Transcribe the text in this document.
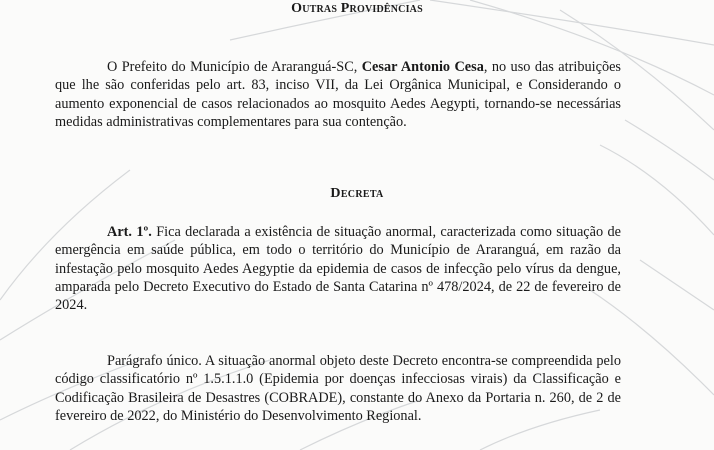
Outras Providências

O Prefeito do Município de Araranguá-SC, Cesar Antonio Cesa, no uso das atribuições que lhe são conferidas pelo art. 83, inciso VII, da Lei Orgânica Municipal, e Considerando o aumento exponencial de casos relacionados ao mosquito Aedes Aegypti, tornando-se necessárias medidas administrativas complementares para sua contenção.

Decreta

Art. 1º. Fica declarada a existência de situação anormal, caracterizada como situação de emergência em saúde pública, em todo o território do Município de Araranguá, em razão da infestação pelo mosquito Aedes Aegyptie da epidemia de casos de infecção pelo vírus da dengue, amparada pelo Decreto Executivo do Estado de Santa Catarina nº 478/2024, de 22 de fevereiro de 2024.

Parágrafo único. A situação anormal objeto deste Decreto encontra-se compreendida pelo código classificatório nº 1.5.1.1.0 (Epidemia por doenças infecciosas virais) da Classificação e Codificação Brasileira de Desastres (COBRADE), constante do Anexo da Portaria n. 260, de 2 de fevereiro de 2022, do Ministério do Desenvolvimento Regional.
